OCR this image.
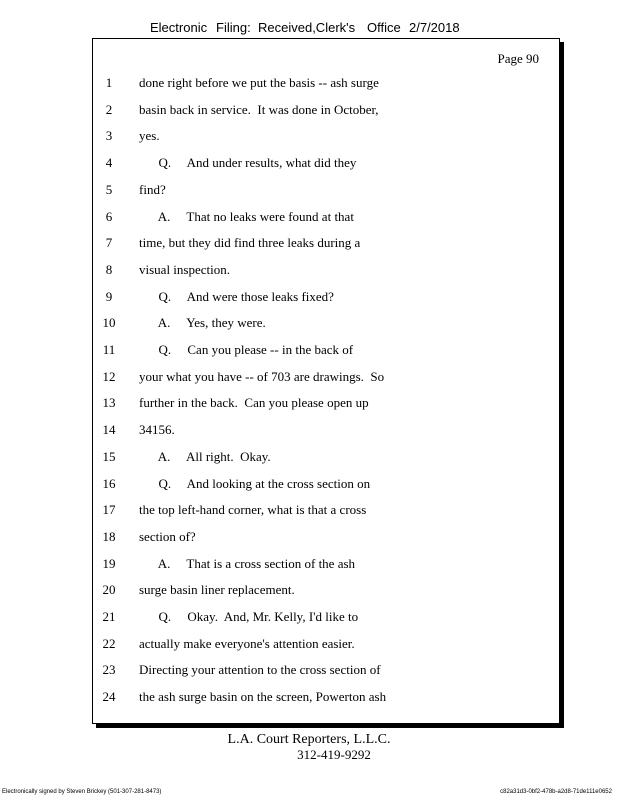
Electronic Filing: Received,Clerk's Office 2/7/2018
Page 90
1	done right before we put the basis -- ash surge
2	basin back in service.  It was done in October,
3	yes.
4	Q.     And under results, what did they
5	find?
6	A.     That no leaks were found at that
7	time, but they did find three leaks during a
8	visual inspection.
9	Q.     And were those leaks fixed?
10	A.     Yes, they were.
11	Q.     Can you please -- in the back of
12	your what you have -- of 703 are drawings.  So
13	further in the back.  Can you please open up
14	34156.
15	A.     All right.  Okay.
16	Q.     And looking at the cross section on
17	the top left-hand corner, what is that a cross
18	section of?
19	A.     That is a cross section of the ash
20	surge basin liner replacement.
21	Q.     Okay.  And, Mr. Kelly, I'd like to
22	actually make everyone's attention easier.
23	Directing your attention to the cross section of
24	the ash surge basin on the screen, Powerton ash
L.A. Court Reporters, L.L.C.
312-419-9292
Electronically signed by Steven Brickey (501-307-281-8473)	c82a31d3-0bf2-478b-a2d8-71de111e0652
